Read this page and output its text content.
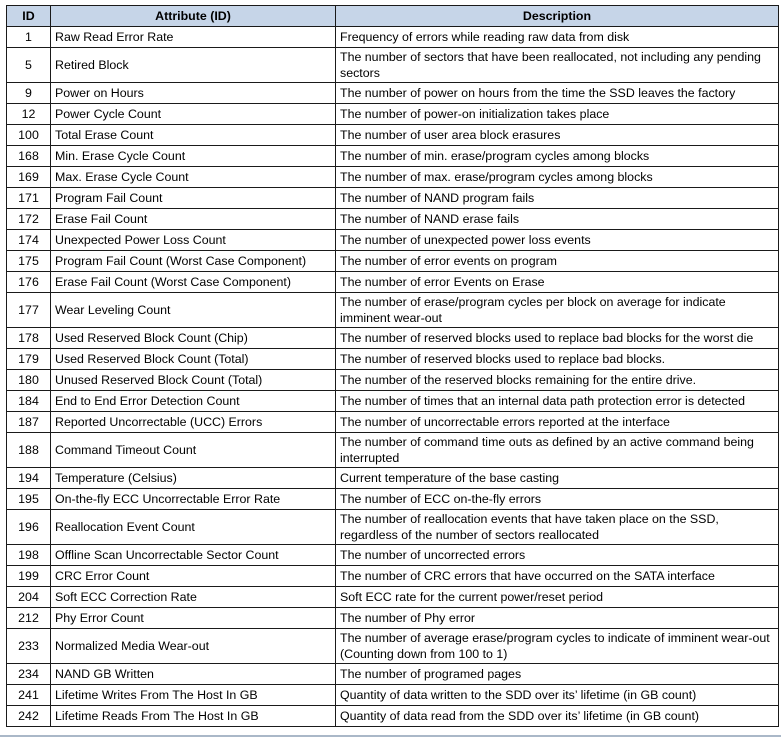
ID	Attribute (ID)	Description
1	Raw Read Error Rate	Frequency of errors while reading raw data from disk
5	Retired Block	The number of sectors that have been reallocated, not including any pending sectors
9	Power on Hours	The number of power on hours from the time the SSD leaves the factory
12	Power Cycle Count	The number of power-on initialization takes place
100	Total Erase Count	The number of user area block erasures
168	Min. Erase Cycle Count	The number of min. erase/program cycles among blocks
169	Max. Erase Cycle Count	The number of max. erase/program cycles among blocks
171	Program Fail Count	The number of NAND program fails
172	Erase Fail Count	The number of NAND erase fails
174	Unexpected Power Loss Count	The number of unexpected power loss events
175	Program Fail Count (Worst Case Component)	The number of error events on program
176	Erase Fail Count (Worst Case Component)	The number of error Events on Erase
177	Wear Leveling Count	The number of erase/program cycles per block on average for indicate imminent wear-out
178	Used Reserved Block Count (Chip)	The number of reserved blocks used to replace bad blocks for the worst die
179	Used Reserved Block Count (Total)	The number of reserved blocks used to replace bad blocks.
180	Unused Reserved Block Count (Total)	The number of the reserved blocks remaining for the entire drive.
184	End to End Error Detection Count	The number of times that an internal data path protection error is detected
187	Reported Uncorrectable (UCC) Errors	The number of uncorrectable errors reported at the interface
188	Command Timeout Count	The number of command time outs as defined by an active command being interrupted
194	Temperature (Celsius)	Current temperature of the base casting
195	On-the-fly ECC Uncorrectable Error Rate	The number of ECC on-the-fly errors
196	Reallocation Event Count	The number of reallocation events that have taken place on the SSD, regardless of the number of sectors reallocated
198	Offline Scan Uncorrectable Sector Count	The number of uncorrected errors
199	CRC Error Count	The number of CRC errors that have occurred on the SATA interface
204	Soft ECC Correction Rate	Soft ECC rate for the current power/reset period
212	Phy Error Count	The number of Phy error
233	Normalized Media Wear-out	The number of average erase/program cycles to indicate of imminent wear-out (Counting down from 100 to 1)
234	NAND GB Written	The number of programed pages
241	Lifetime Writes From The Host In GB	Quantity of data written to the SDD over its’ lifetime (in GB count)
242	Lifetime Reads From The Host In GB	Quantity of data read from the SDD over its’ lifetime (in GB count)
